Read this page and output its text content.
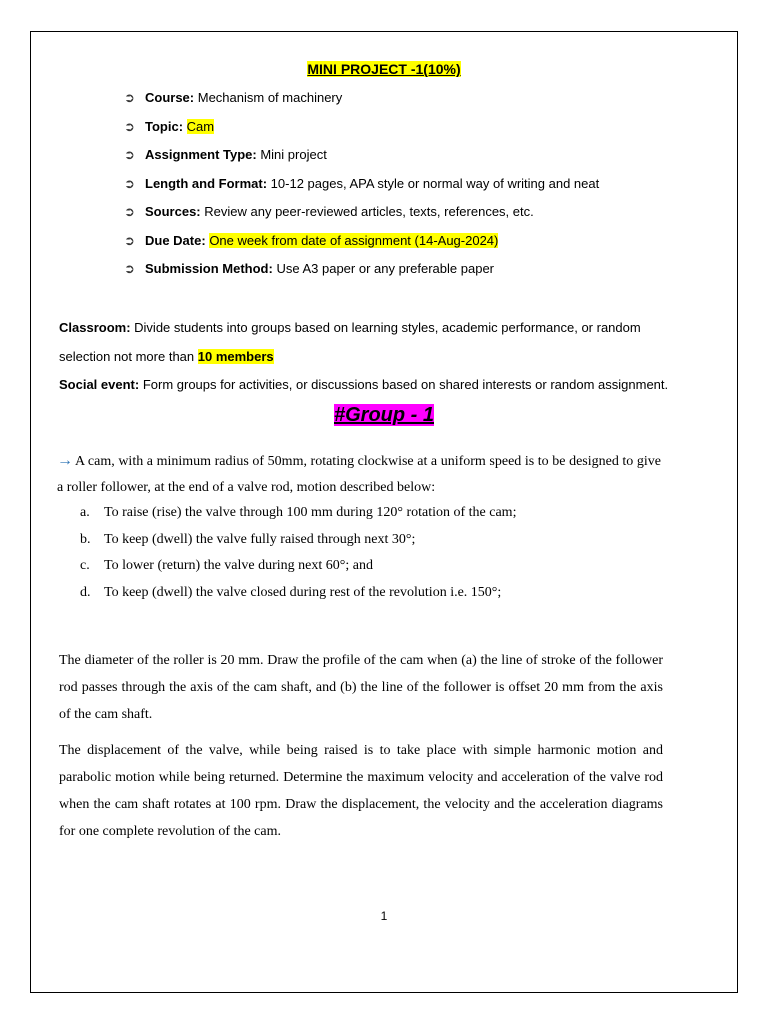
MINI PROJECT -1(10%)
➲ Course: Mechanism of machinery
➲ Topic: Cam
➲ Assignment Type: Mini project
➲ Length and Format: 10-12 pages, APA style or normal way of writing and neat
➲ Sources: Review any peer-reviewed articles, texts, references, etc.
➲ Due Date: One week from date of assignment (14-Aug-2024)
➲ Submission Method: Use A3 paper or any preferable paper
Classroom: Divide students into groups based on learning styles, academic performance, or random selection not more than 10 members
Social event: Form groups for activities, or discussions based on shared interests or random assignment.
#Group - 1
→ A cam, with a minimum radius of 50mm, rotating clockwise at a uniform speed is to be designed to give a roller follower, at the end of a valve rod, motion described below:
a. To raise (rise) the valve through 100 mm during 120° rotation of the cam;
b. To keep (dwell) the valve fully raised through next 30°;
c. To lower (return) the valve during next 60°; and
d. To keep (dwell) the valve closed during rest of the revolution i.e. 150°;
The diameter of the roller is 20 mm. Draw the profile of the cam when (a) the line of stroke of the follower rod passes through the axis of the cam shaft, and (b) the line of the follower is offset 20 mm from the axis of the cam shaft.
The displacement of the valve, while being raised is to take place with simple harmonic motion and parabolic motion while being returned. Determine the maximum velocity and acceleration of the valve rod when the cam shaft rotates at 100 rpm. Draw the displacement, the velocity and the acceleration diagrams for one complete revolution of the cam.
1
